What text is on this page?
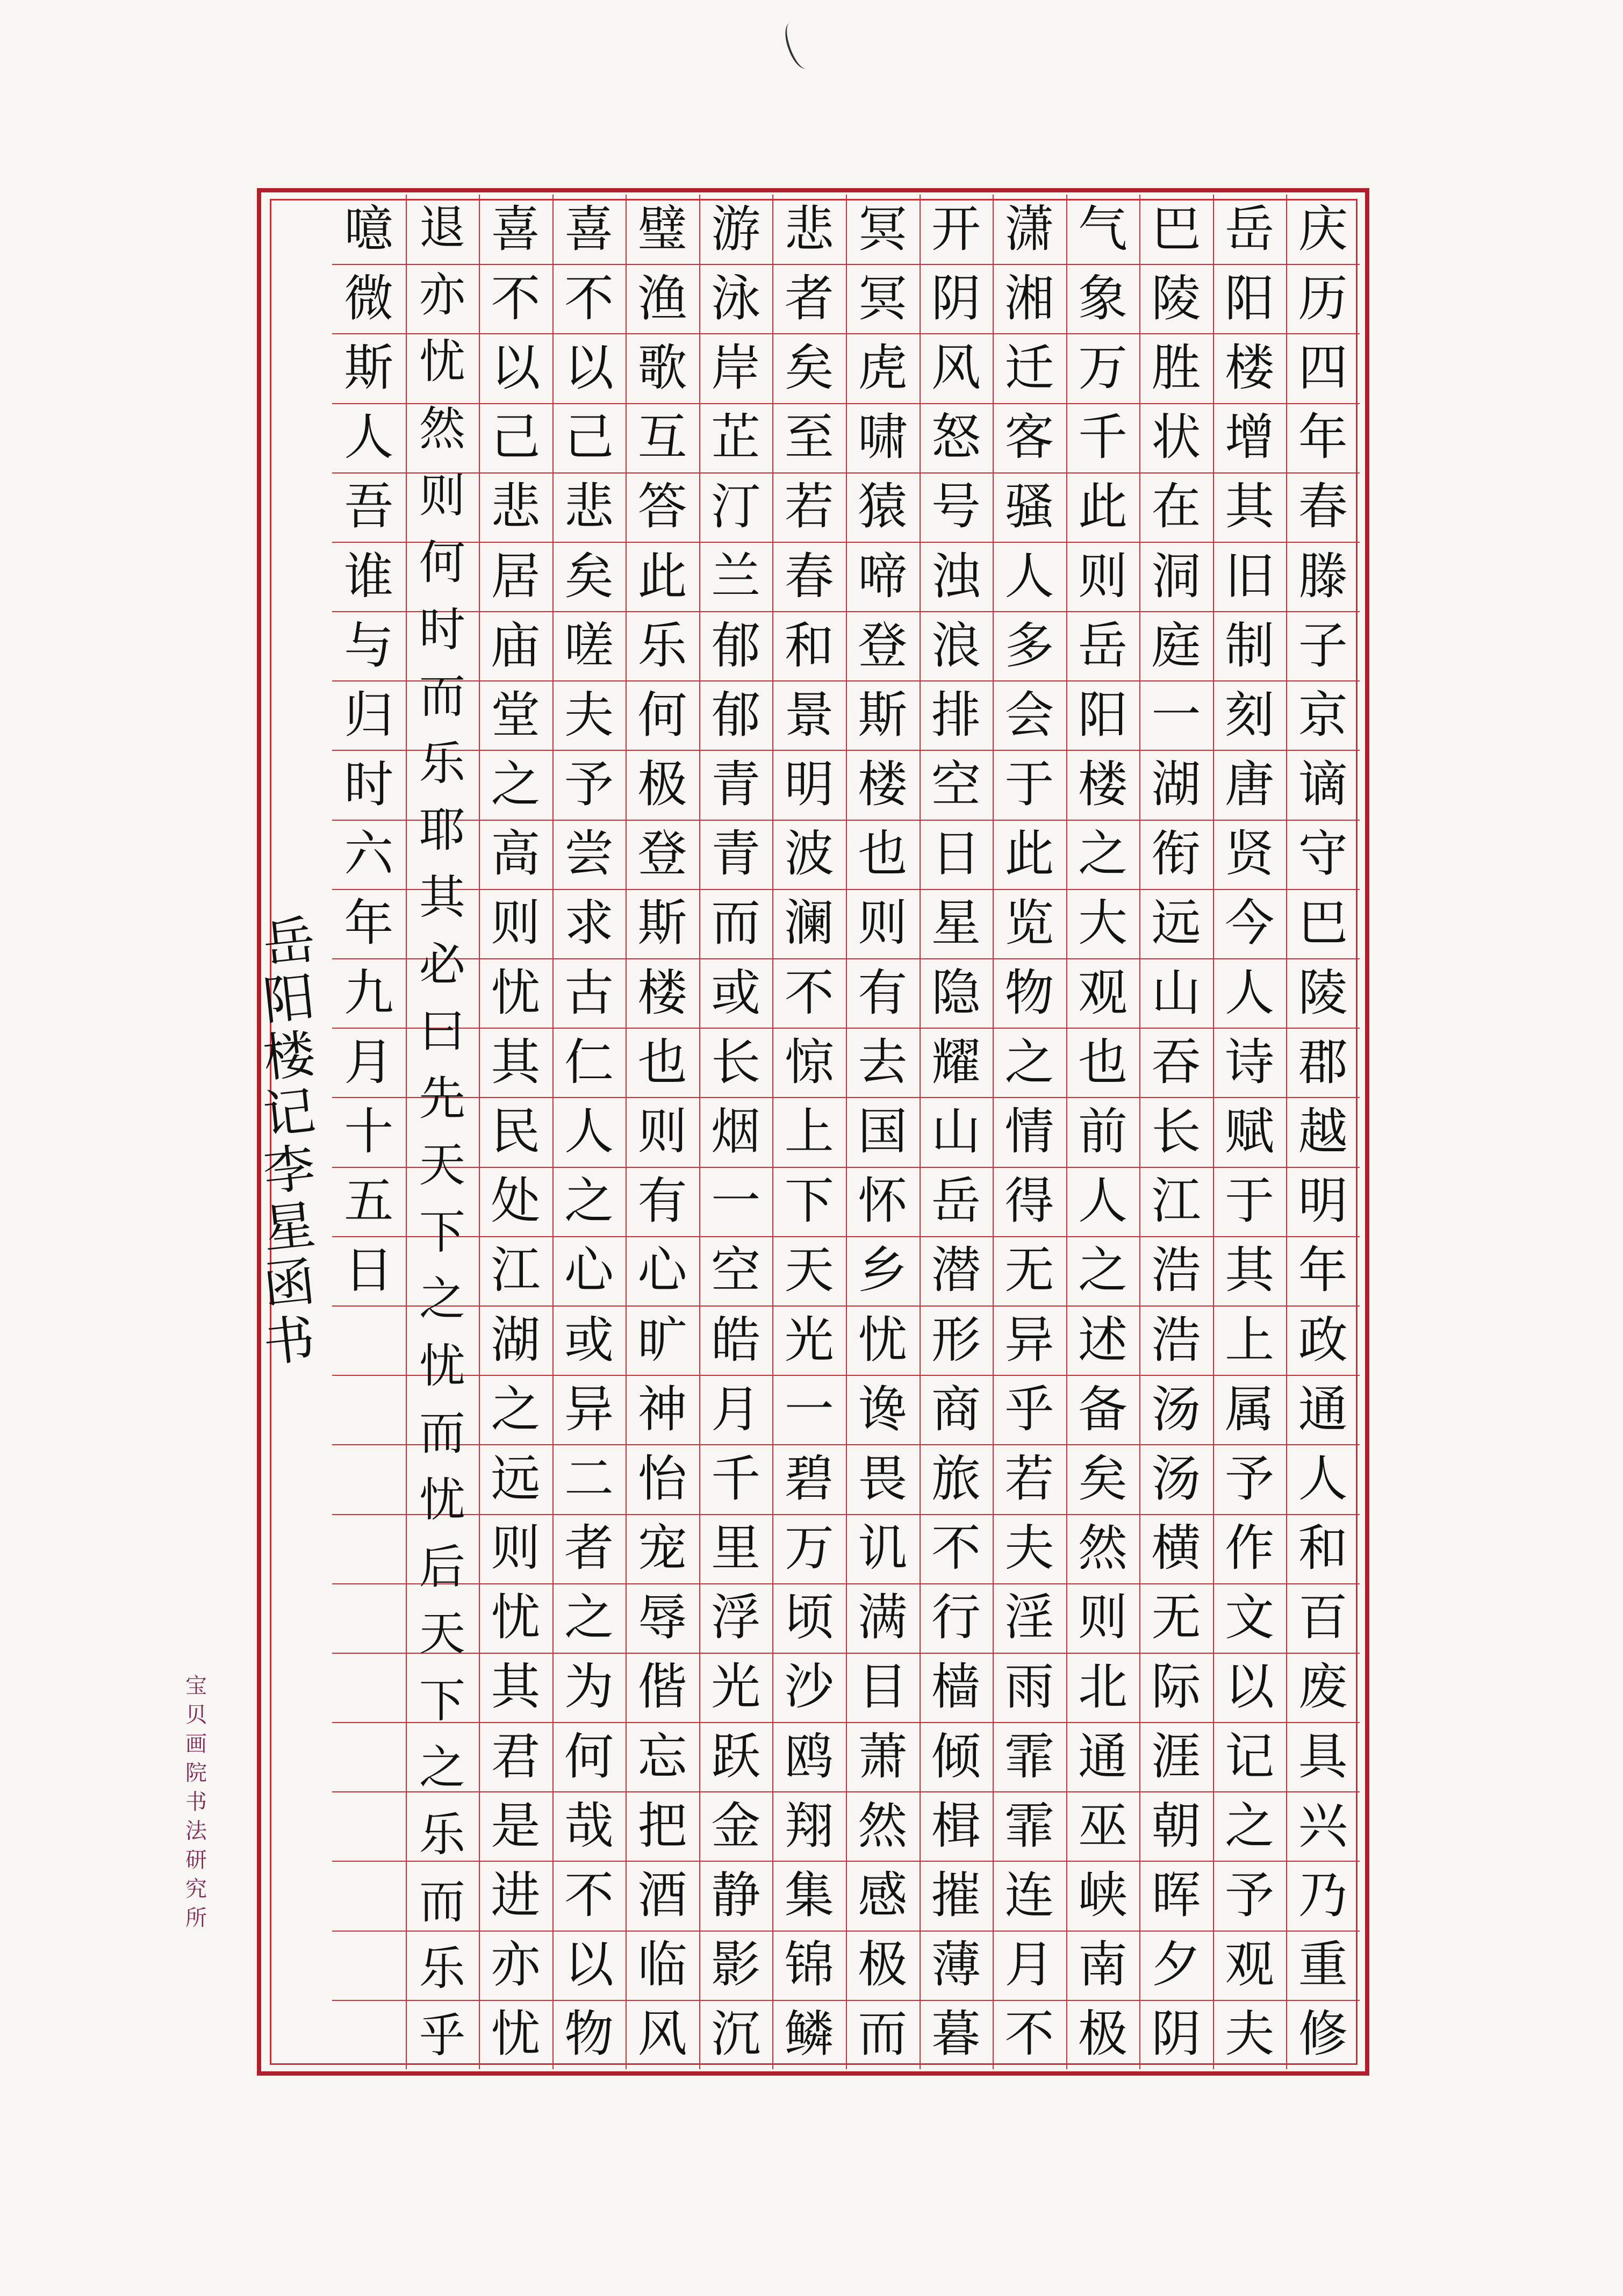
庆
历
四
年
春
滕
子
京
谪
守
巴
陵
郡
越
明
年
政
通
人
和
百
废
具
兴
乃
重
修
岳
阳
楼
增
其
旧
制
刻
唐
贤
今
人
诗
赋
于
其
上
属
予
作
文
以
记
之
予
观
夫
巴
陵
胜
状
在
洞
庭
一
湖
衔
远
山
吞
长
江
浩
浩
汤
汤
横
无
际
涯
朝
晖
夕
阴
气
象
万
千
此
则
岳
阳
楼
之
大
观
也
前
人
之
述
备
矣
然
则
北
通
巫
峡
南
极
潇
湘
迁
客
骚
人
多
会
于
此
览
物
之
情
得
无
异
乎
若
夫
淫
雨
霏
霏
连
月
不
开
阴
风
怒
号
浊
浪
排
空
日
星
隐
耀
山
岳
潜
形
商
旅
不
行
樯
倾
楫
摧
薄
暮
冥
冥
虎
啸
猿
啼
登
斯
楼
也
则
有
去
国
怀
乡
忧
谗
畏
讥
满
目
萧
然
感
极
而
悲
者
矣
至
若
春
和
景
明
波
澜
不
惊
上
下
天
光
一
碧
万
顷
沙
鸥
翔
集
锦
鳞
游
泳
岸
芷
汀
兰
郁
郁
青
青
而
或
长
烟
一
空
皓
月
千
里
浮
光
跃
金
静
影
沉
璧
渔
歌
互
答
此
乐
何
极
登
斯
楼
也
则
有
心
旷
神
怡
宠
辱
偕
忘
把
酒
临
风
喜
不
以
己
悲
矣
嗟
夫
予
尝
求
古
仁
人
之
心
或
异
二
者
之
为
何
哉
不
以
物
喜
不
以
己
悲
居
庙
堂
之
高
则
忧
其
民
处
江
湖
之
远
则
忧
其
君
是
进
亦
忧
退
亦
忧
然
则
何
时
而
乐
耶
其
必
曰
先
天
下
之
忧
而
忧
后
天
下
之
乐
而
乐
乎
噫
微
斯
人
吾
谁
与
归
时
六
年
九
月
十
五
日
岳
阳
楼
记
李
星
函
书
宝
贝
画
院
书
法
研
究
所
